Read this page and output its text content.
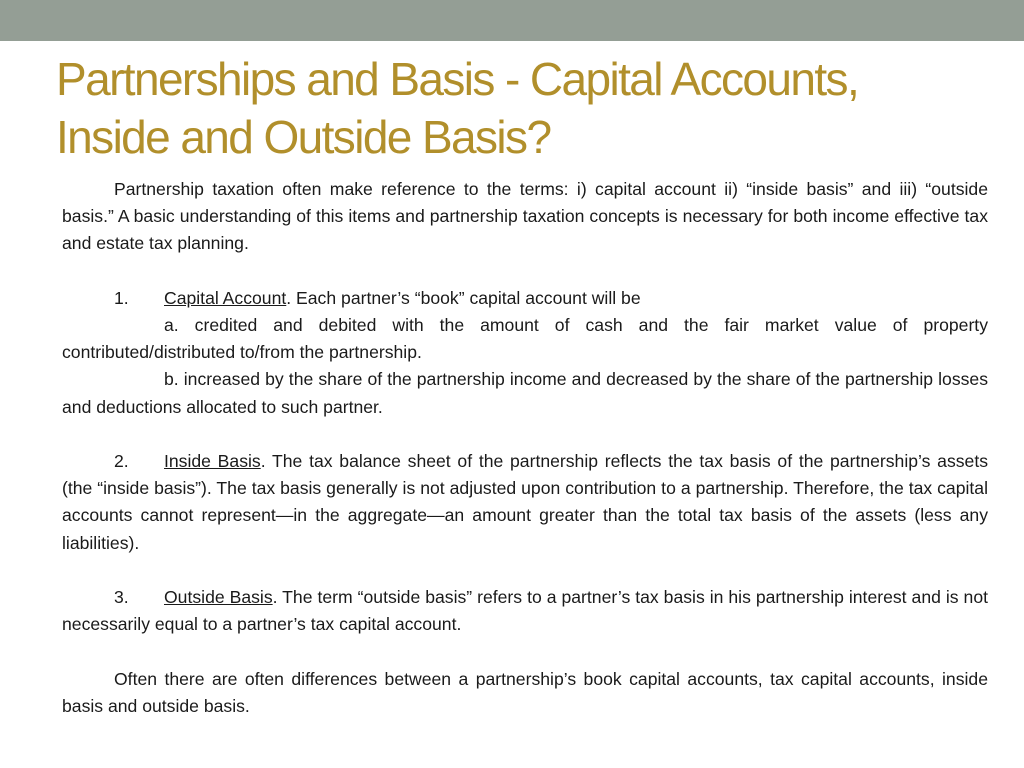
Partnerships and Basis - Capital Accounts,
Inside and Outside Basis?

Partnership taxation often make reference to the terms: i) capital account ii) “inside basis” and iii) “outside basis.” A basic understanding of this items and partnership taxation concepts is necessary for both income effective tax and estate tax planning.

1. Capital Account. Each partner’s “book” capital account will be

a. credited and debited with the amount of cash and the fair market value of property contributed/distributed to/from the partnership.

b. increased by the share of the partnership income and decreased by the share of the partnership losses and deductions allocated to such partner.

2. Inside Basis. The tax balance sheet of the partnership reflects the tax basis of the partnership’s assets (the “inside basis”). The tax basis generally is not adjusted upon contribution to a partnership. Therefore, the tax capital accounts cannot represent—in the aggregate—an amount greater than the total tax basis of the assets (less any liabilities).

3. Outside Basis. The term “outside basis” refers to a partner’s tax basis in his partnership interest and is not necessarily equal to a partner’s tax capital account.

Often there are often differences between a partnership’s book capital accounts, tax capital accounts, inside basis and outside basis.
